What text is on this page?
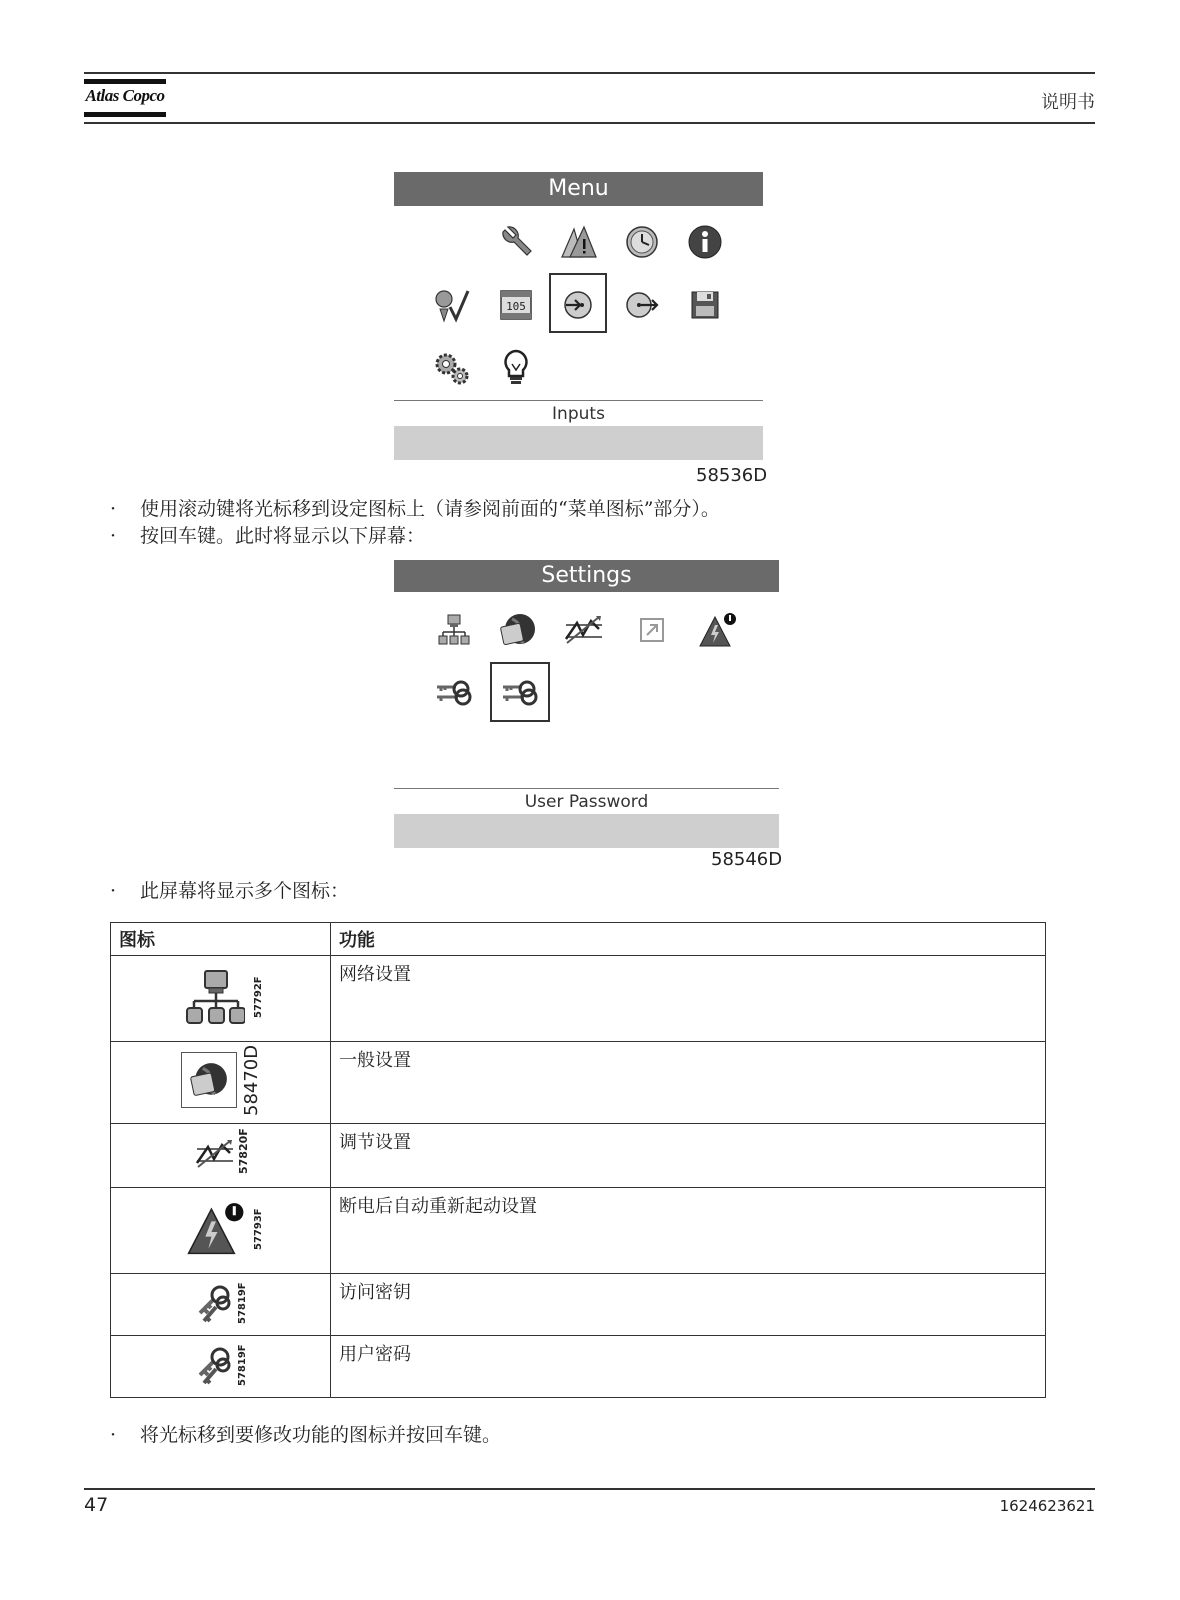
Atlas Copco	说明书
Menu
105
Inputs
58536D
· 使用滚动键将光标移到设定图标上（请参阅前面的“菜单图标”部分）。
· 按回车键。此时将显示以下屏幕：
Settings
User Password
58546D
· 此屏幕将显示多个图标：
图标	功能

57792F	网络设置

58470D	一般设置

57820F	调节设置

57793F	断电后自动重新起动设置

57819F	访问密钥

57819F	用户密码
· 将光标移到要修改功能的图标并按回车键。
47	1624623621
